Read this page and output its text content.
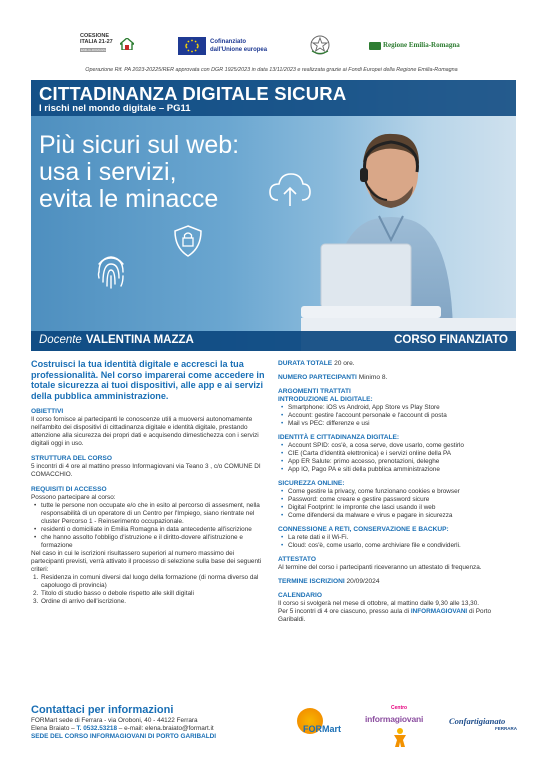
COESIONE
ITALIA 21-27
EMILIA-ROMAGNA
Cofinanziato
dall'Unione europea
Regione Emilia-Romagna
Operazione Rif. PA 2023-20225/RER approvata con DGR 1925/2023 in data 13/11/2023 e realizzata grazie ai Fondi Europei della Regione Emilia-Romagna
CITTADINANZA DIGITALE SICURA
I rischi nel mondo digitale – PG11
Più sicuri sul web:
usa i servizi,
evita le minacce
Docente VALENTINA MAZZA	CORSO FINANZIATO
Costruisci la tua identità digitale e accresci la tua professionalità. Nel corso imparerai come accedere in totale sicurezza ai tuoi dispositivi, alle app e ai servizi della pubblica amministrazione.
OBIETTIVI
Il corso fornisce ai partecipanti le conoscenze utili a muoversi autonomamente nell'ambito dei dispositivi di cittadinanza digitale e identità digitale, prestando attenzione alla sicurezza dei propri dati e acquisendo dimestichezza con i servizi digitali oggi in uso.
STRUTTURA DEL CORSO
5 incontri di 4 ore al mattino presso Informagiovani via Teano 3 , c/o COMUNE DI COMACCHIO.
REQUISITI DI ACCESSO
Possono partecipare al corso:
• tutte le persone non occupate e/o che in esito al percorso di assesment, nella responsabilità di un operatore di un Centro per l'Impiego, siano rientrate nel cluster Percorso 1 - Reinserimento occupazionale.
• residenti o domiciliate in Emilia Romagna in data antecedente all'iscrizione
• che hanno assolto l'obbligo d'istruzione e il diritto-dovere all'istruzione e formazione
Nel caso in cui le iscrizioni risultassero superiori al numero massimo dei partecipanti previsti, verrà attivato il processo di selezione sulla base dei seguenti criteri:
1. Residenza in comuni diversi dal luogo della formazione (di norma diverso dal capoluogo di provincia)
2. Titolo di studio basso o debole rispetto alle skill digitali
3. Ordine di arrivo dell'iscrizione.
DURATA TOTALE 20 ore.
NUMERO PARTECIPANTI Minimo 8.
ARGOMENTI TRATTATI
INTRODUZIONE AL DIGITALE:
• Smartphone: iOS vs Android, App Store vs Play Store
• Account: gestire l'account personale e l'account di posta
• Mail vs PEC: differenze e usi
IDENTITÀ E CITTADINANZA DIGITALE:
• Account SPID: cos'è, a cosa serve, dove usarlo, come gestirlo
• CIE (Carta d'identità elettronica) e i servizi online della PA
• App ER Salute: primo accesso, prenotazioni, deleghe
• App IO, Pago PA e siti della pubblica amministrazione
SICUREZZA ONLINE:
• Come gestire la privacy, come funzionano cookies e browser
• Password: come creare e gestire password sicure
• Digital Footprint: le impronte che lasci usando il web
• Come difendersi da malware e virus e pagare in sicurezza
CONNESSIONE A RETI, CONSERVAZIONE E BACKUP:
• La rete dati e il Wi-Fi.
• Cloud: cos'è, come usarlo, come archiviare file e condividerli.
ATTESTATO
Al termine del corso i partecipanti riceveranno un attestato di frequenza.
TERMINE ISCRIZIONI 20/09/2024
CALENDARIO
Il corso si svolgerà nel mese di ottobre, al mattino dalle 9,30 alle 13,30.
Per 5 incontri di 4 ore ciascuno, presso aula di INFORMAGIOVANI di Porto Garibaldi.
Contattaci per informazioni
FORMart sede di Ferrara - via Oroboni, 40 - 44122 Ferrara
Elena Braiato – T. 0532.53218 – e-mail: elena.braiato@formart.it
SEDE DEL CORSO INFORMAGIOVANI DI PORTO GARIBALDI
FORMart
Centro
informagiovani	Confartigianato
FERRARA
